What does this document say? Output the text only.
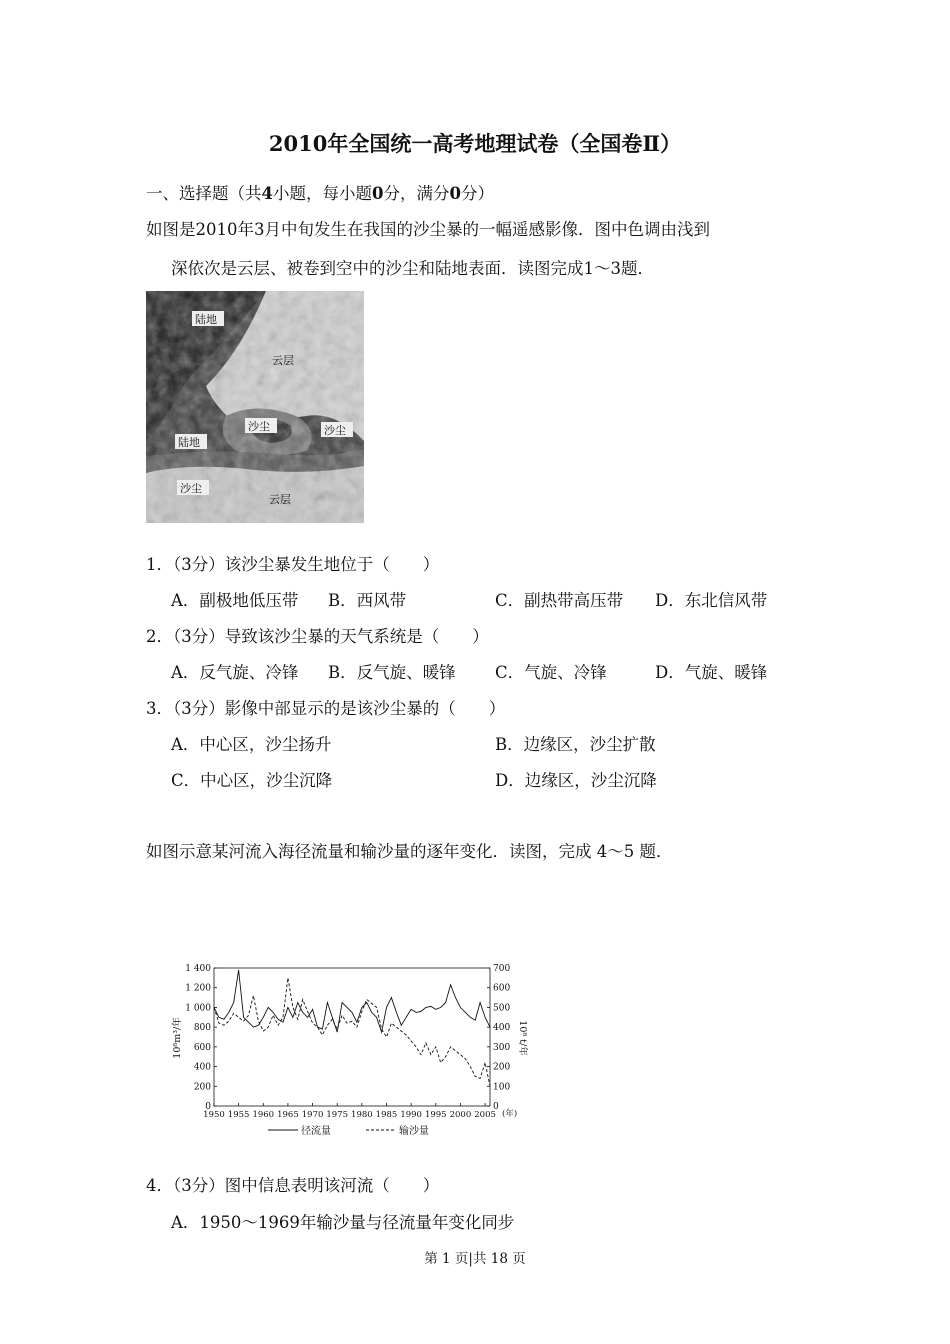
2010年全国统一高考地理试卷（全国卷Ⅱ）
一、选择题（共4小题，每小题0分，满分0分）
如图是2010年3月中旬发生在我国的沙尘暴的一幅遥感影像．图中色调由浅到
深依次是云层、被卷到空中的沙尘和陆地表面．读图完成1～3题．
陆地
云层
沙尘	沙尘
陆地
沙尘
云层
1．（3分）该沙尘暴发生地位于（　　）
A．副极地低压带 B．西风带	C．副热带高压带 D．东北信风带
2．（3分）导致该沙尘暴的天气系统是（　　）
A．反气旋、冷锋 B．反气旋、暖锋 C．气旋、冷锋	D．气旋、暖锋
3．（3分）影像中部显示的是该沙尘暴的（　　）
A．中心区，沙尘扬升	B．边缘区，沙尘扩散
C．中心区，沙尘沉降	D．边缘区，沙尘沉降
如图示意某河流入海径流量和输沙量的逐年变化．读图，完成 4～5 题．
0
200
400
600
800
1 000
1 200
1 400
0
100
200
300
400
500
600
700
1950 1955 1960 1965 1970 1975 1980 1985 1990 1995 2000 2005
10⁸m³/年	10⁸ t/年
(年)
径流量	输沙量
4．（3分）图中信息表明该河流（　　）
A．1950～1969年输沙量与径流量年变化同步
第 1 页|共 18 页
